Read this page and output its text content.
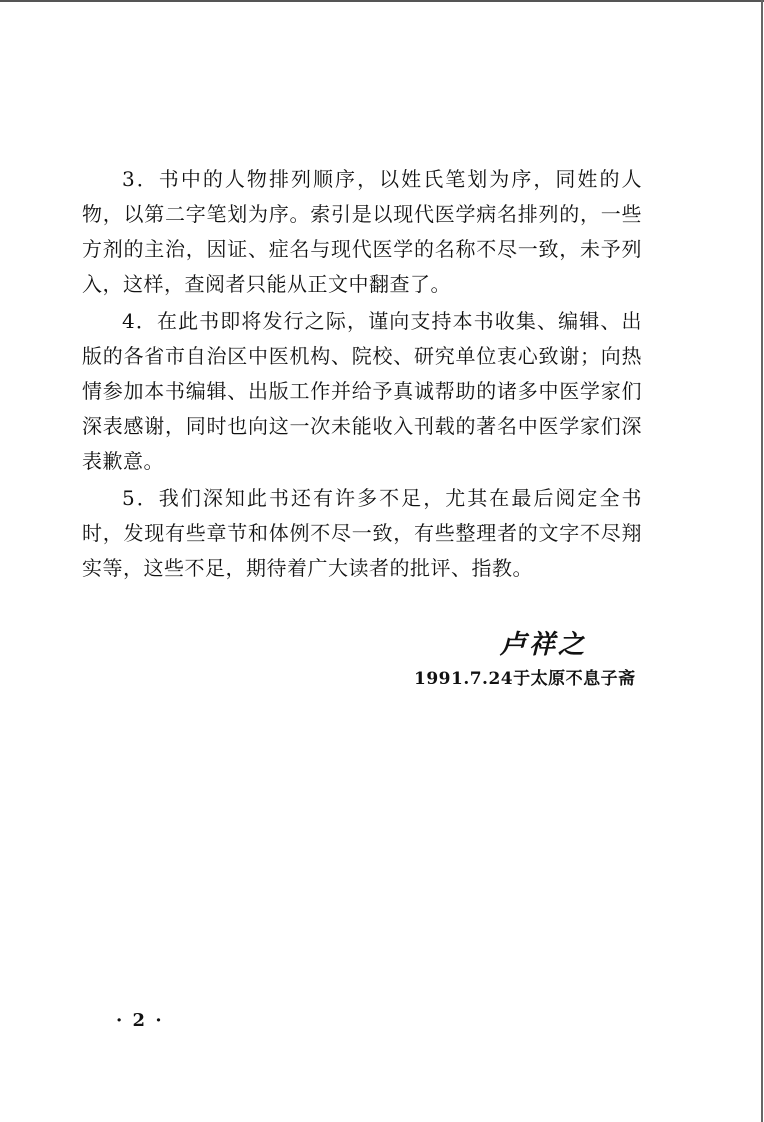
3．书中的人物排列顺序，以姓氏笔划为序，同姓的人物，以第二字笔划为序。索引是以现代医学病名排列的，一些方剂的主治，因证、症名与现代医学的名称不尽一致，未予列入，这样，查阅者只能从正文中翻查了。

4．在此书即将发行之际，谨向支持本书收集、编辑、出版的各省市自治区中医机构、院校、研究单位衷心致谢；向热情参加本书编辑、出版工作并给予真诚帮助的诸多中医学家们深表感谢，同时也向这一次未能收入刊载的著名中医学家们深表歉意。

5．我们深知此书还有许多不足，尤其在最后阅定全书时，发现有些章节和体例不尽一致，有些整理者的文字不尽翔实等，这些不足，期待着广大读者的批评、指教。

卢祥之
1991.7.24于太原不息子斋
· 2 ·
